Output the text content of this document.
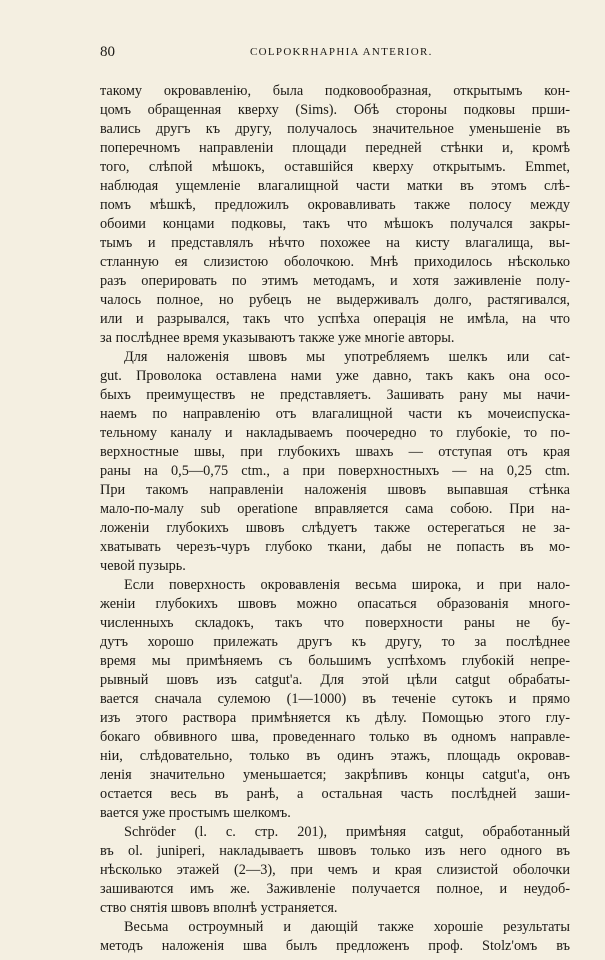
80	COLPOKRHAPHIA ANTERIOR.
такому окровавленію, была подковообразная, открытымъ кон-
цомъ обращенная кверху (Sims). Обѣ стороны подковы прши-
вались другъ къ другу, получалось значительное уменьшеніе въ
поперечномъ направленіи площади передней стѣнки и, кромѣ
того, слѣпой мѣшокъ, оставшійся кверху открытымъ. Emmet,
наблюдая ущемленіе влагалищной части матки въ этомъ слѣ-
помъ мѣшкѣ, предложилъ окровавливать также полосу между
обоими концами подковы, такъ что мѣшокъ получался закры-
тымъ и представлялъ нѣчто похожее на кисту влагалища, вы-
стланную ея слизистою оболочкою. Мнѣ приходилось нѣсколько
разъ оперировать по этимъ методамъ, и хотя заживленіе полу-
чалось полное, но рубецъ не выдерживалъ долго, растягивался,
или и разрывался, такъ что успѣха операція не имѣла, на что
за послѣднее время указываютъ также уже многіе авторы.
Для наложенія швовъ мы употребляемъ шелкъ или cat-
gut. Проволока оставлена нами уже давно, такъ какъ она осо-
быхъ преимуществъ не представляетъ. Зашивать рану мы начи-
наемъ по направленію отъ влагалищной части къ мочеиспуска-
тельному каналу и накладываемъ поочередно то глубокіе, то по-
верхностные швы, при глубокихъ швахъ — отступая отъ края
раны на 0,5—0,75 ctm., а при поверхностныхъ — на 0,25 ctm.
При такомъ направленіи наложенія швовъ выпавшая стѣнка
мало-по-малу sub operatione вправляется сама собою. При на-
ложеніи глубокихъ швовъ слѣдуетъ также остерегаться не за-
хватывать черезъ-чуръ глубоко ткани, дабы не попасть въ мо-
чевой пузырь.
Если поверхность окровавленія весьма широка, и при нало-
женіи глубокихъ швовъ можно опасаться образованія много-
численныхъ складокъ, такъ что поверхности раны не бу-
дутъ хорошо прилежать другъ къ другу, то за послѣднее
время мы примѣняемъ съ большимъ успѣхомъ глубокій непре-
рывный шовъ изъ catgut'a. Для этой цѣли catgut обрабаты-
вается сначала сулемою (1—1000) въ теченіе сутокъ и прямо
изъ этого раствора примѣняется къ дѣлу. Помощью этого глу-
бокаго обвивного шва, проведеннаго только въ одномъ направле-
ніи, слѣдовательно, только въ одинъ этажъ, площадь окровав-
ленія значительно уменьшается; закрѣпивъ концы catgut'a, онъ
остается весь въ ранѣ, а остальная часть послѣдней заши-
вается уже простымъ шелкомъ.
Schröder (l. c. стр. 201), примѣняя catgut, обработанный
въ ol. juniperi, накладываетъ швовъ только изъ него одного въ
нѣсколько этажей (2—3), при чемъ и края слизистой оболочки
зашиваются имъ же. Заживленіе получается полное, и неудоб-
ство снятія швовъ вполнѣ устраняется.
Весьма остроумный и дающій также хорошіе результаты
методъ наложенія шва былъ предложенъ проф. Stolz'омъ въ
